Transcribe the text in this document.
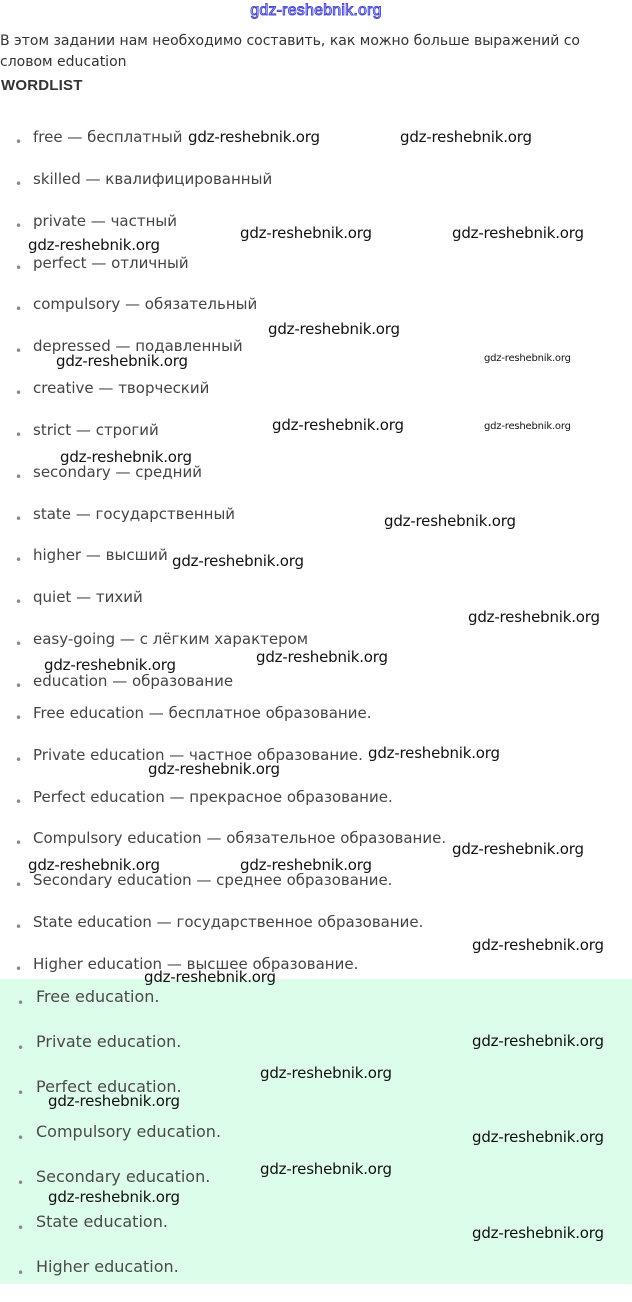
gdz-reshebnik.org
В этом задании нам необходимо составить, как можно больше выражений со
словом education
WORDLIST
• free — бесплатный
• skilled — квалифицированный
• private — частный
• perfect — отличный
• compulsory — обязательный
• depressed — подавленный
• creative — творческий
• strict — строгий
• secondary — средний
• state — государственный
• higher — высший
• quiet — тихий
• easy-going — с лёгким характером
• education — образование
• Free education — бесплатное образование.
• Private education — частное образование.
• Perfect education — прекрасное образование.
• Compulsory education — обязательное образование.
• Secondary education — среднее образование.
• State education — государственное образование.
• Higher education — высшее образование.
• Free education.
• Private education.
• Perfect education.
• Compulsory education.
• Secondary education.
• State education.
• Higher education.
gdz-reshebnik.org	gdz-reshebnik.org
gdz-reshebnik.org	gdz-reshebnik.org
gdz-reshebnik.org
gdz-reshebnik.org
gdz-reshebnik.org	gdz-reshebnik.org
gdz-reshebnik.org	gdz-reshebnik.org
gdz-reshebnik.org
gdz-reshebnik.org
gdz-reshebnik.org
gdz-reshebnik.org
gdz-reshebnik.org
gdz-reshebnik.org
gdz-reshebnik.org
gdz-reshebnik.org
gdz-reshebnik.org
gdz-reshebnik.org	gdz-reshebnik.org
gdz-reshebnik.org
gdz-reshebnik.org
gdz-reshebnik.org
gdz-reshebnik.org
gdz-reshebnik.org
gdz-reshebnik.org
gdz-reshebnik.org
gdz-reshebnik.org
gdz-reshebnik.org
